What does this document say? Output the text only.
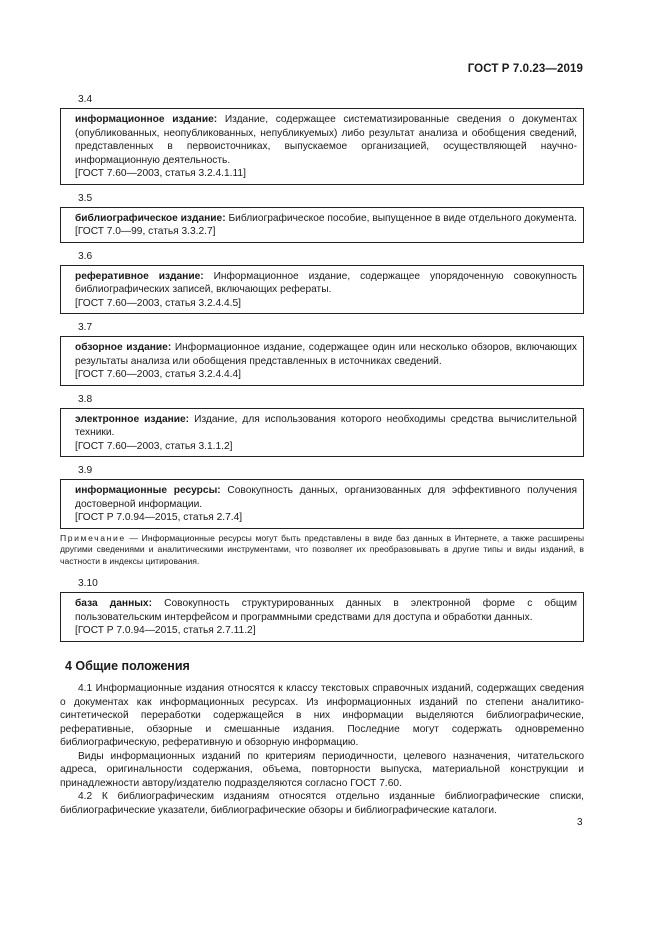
ГОСТ Р 7.0.23—2019
3.4
информационное издание: Издание, содержащее систематизированные сведения о документах (опубликованных, неопубликованных, непубликуемых) либо результат анализа и обобщения сведений, представленных в первоисточниках, выпускаемое организацией, осуществляющей научно-информационную деятельность.
[ГОСТ 7.60—2003, статья 3.2.4.1.11]
3.5
библиографическое издание: Библиографическое пособие, выпущенное в виде отдельного документа.
[ГОСТ 7.0—99, статья 3.3.2.7]
3.6
реферативное издание: Информационное издание, содержащее упорядоченную совокупность библиографических записей, включающих рефераты.
[ГОСТ 7.60—2003, статья 3.2.4.4.5]
3.7
обзорное издание: Информационное издание, содержащее один или несколько обзоров, включающих результаты анализа или обобщения представленных в источниках сведений.
[ГОСТ 7.60—2003, статья 3.2.4.4.4]
3.8
электронное издание: Издание, для использования которого необходимы средства вычислительной техники.
[ГОСТ 7.60—2003, статья 3.1.1.2]
3.9
информационные ресурсы: Совокупность данных, организованных для эффективного получения достоверной информации.
[ГОСТ Р 7.0.94—2015, статья 2.7.4]
Примечание — Информационные ресурсы могут быть представлены в виде баз данных в Интернете, а также расширены другими сведениями и аналитическими инструментами, что позволяет их преобразовывать в другие типы и виды изданий, в частности в индексы цитирования.
3.10
база данных: Совокупность структурированных данных в электронной форме с общим пользовательским интерфейсом и программными средствами для доступа и обработки данных.
[ГОСТ Р 7.0.94—2015, статья 2.7.11.2]
4 Общие положения

4.1 Информационные издания относятся к классу текстовых справочных изданий, содержащих сведения о документах как информационных ресурсах. Из информационных изданий по степени аналитико-синтетической переработки содержащейся в них информации выделяются библиографические, реферативные, обзорные и смешанные издания. Последние могут содержать одновременно библиографическую, реферативную и обзорную информацию.

Виды информационных изданий по критериям периодичности, целевого назначения, читательского адреса, оригинальности содержания, объема, повторности выпуска, материальной конструкции и принадлежности автору/издателю подразделяются согласно ГОСТ 7.60.

4.2 К библиографическим изданиям относятся отдельно изданные библиографические списки, библиографические указатели, библиографические обзоры и библиографические каталоги.

3
